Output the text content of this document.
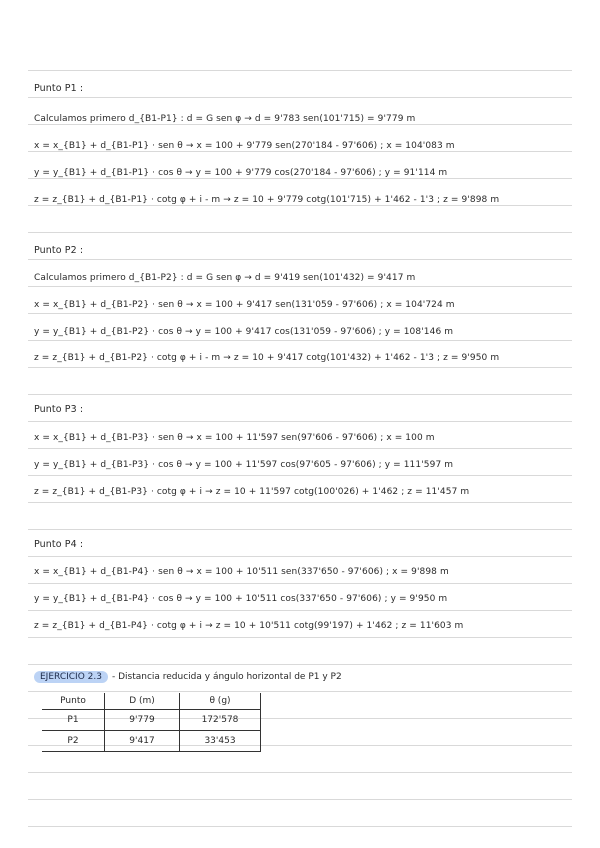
Punto P1 :
Calculamos primero d_{B1-P1} : d = G sen φ → d = 9'783 sen(101'715) = 9'779 m
x = x_{B1} + d_{B1-P1} · sen θ → x = 100 + 9'779 sen(270'184 - 97'606) ; x = 104'083 m
y = y_{B1} + d_{B1-P1} · cos θ → y = 100 + 9'779 cos(270'184 - 97'606) ; y = 91'114 m
z = z_{B1} + d_{B1-P1} · cotg φ + i - m → z = 10 + 9'779 cotg(101'715) + 1'462 - 1'3 ; z = 9'898 m
Punto P2 :
Calculamos primero d_{B1-P2} : d = G sen φ → d = 9'419 sen(101'432) = 9'417 m
x = x_{B1} + d_{B1-P2} · sen θ → x = 100 + 9'417 sen(131'059 - 97'606) ; x = 104'724 m
y = y_{B1} + d_{B1-P2} · cos θ → y = 100 + 9'417 cos(131'059 - 97'606) ; y = 108'146 m
z = z_{B1} + d_{B1-P2} · cotg φ + i - m → z = 10 + 9'417 cotg(101'432) + 1'462 - 1'3 ; z = 9'950 m
Punto P3 :
x = x_{B1} + d_{B1-P3} · sen θ → x = 100 + 11'597 sen(97'606 - 97'606) ; x = 100 m
y = y_{B1} + d_{B1-P3} · cos θ → y = 100 + 11'597 cos(97'605 - 97'606) ; y = 111'597 m
z = z_{B1} + d_{B1-P3} · cotg φ + i → z = 10 + 11'597 cotg(100'026) + 1'462 ; z = 11'457 m
Punto P4 :
x = x_{B1} + d_{B1-P4} · sen θ → x = 100 + 10'511 sen(337'650 - 97'606) ; x = 9'898 m
y = y_{B1} + d_{B1-P4} · cos θ → y = 100 + 10'511 cos(337'650 - 97'606) ; y = 9'950 m
z = z_{B1} + d_{B1-P4} · cotg φ + i → z = 10 + 10'511 cotg(99'197) + 1'462 ; z = 11'603 m
EJERCICIO 2.3 - Distancia reducida y ángulo horizontal de P1 y P2
Punto	D (m)	θ (g)
P1	9'779	172'578
P2	9'417	33'453
